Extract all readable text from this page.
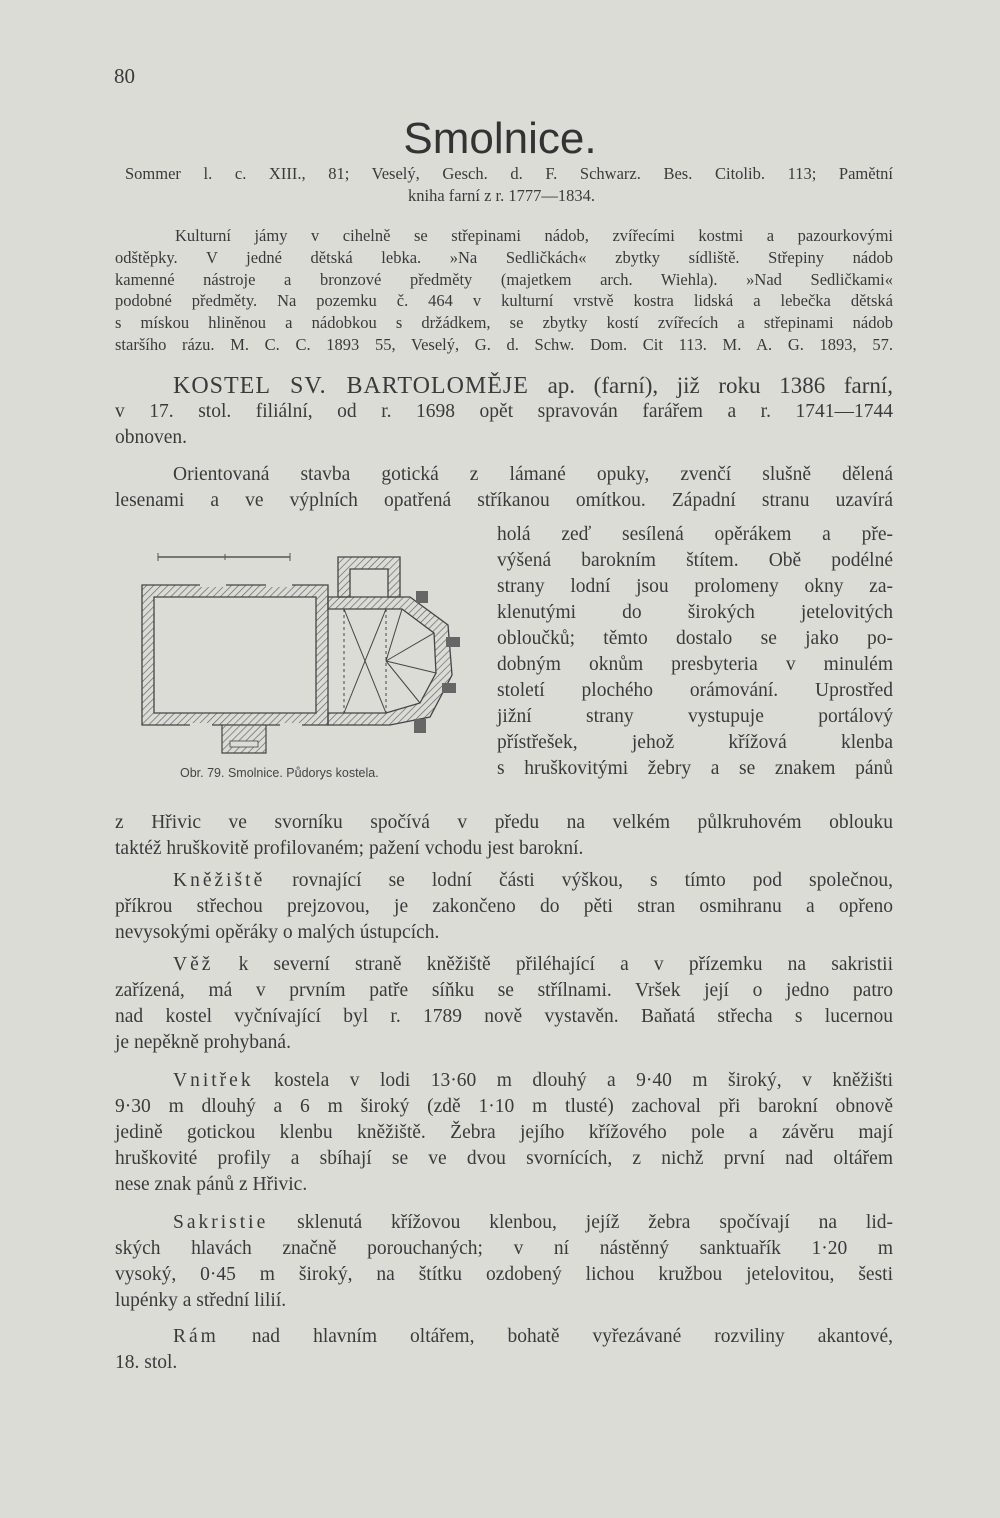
80
Smolnice.
Sommer l. c. XIII., 81; Veselý, Gesch. d. F. Schwarz. Bes. Citolib. 113; Pamětní
kniha farní z r. 1777—1834.
Kulturní jámy v cihelně se střepinami nádob, zvířecími kostmi a pazourkovými
odštěpky. V jedné dětská lebka. »Na Sedličkách« zbytky sídliště. Střepiny nádob
kamenné nástroje a bronzové předměty (majetkem arch. Wiehla). »Nad Sedličkami«
podobné předměty. Na pozemku č. 464 v kulturní vrstvě kostra lidská a lebečka dětská
s mískou hliněnou a nádobkou s držádkem, se zbytky kostí zvířecích a střepinami nádob
staršího rázu. M. C. C. 1893 55, Veselý, G. d. Schw. Dom. Cit 113. M. A. G. 1893, 57.
KOSTEL SV. BARTOLOMĚJE ap. (farní), již roku 1386 farní,
v 17. stol. filiální, od r. 1698 opět spravován farářem a r. 1741—1744
obnoven.
Orientovaná stavba gotická z lámané opuky, zvenčí slušně dělená
lesenami a ve výplních opatřená stříkanou omítkou. Západní stranu uzavírá
Obr. 79. Smolnice. Půdorys kostela.
holá zeď sesílená opěrákem a pře-
výšená barokním štítem. Obě podélné
strany lodní jsou prolomeny okny za-
klenutými do širokých jetelovitých
obloučků; těmto dostalo se jako po-
dobným oknům presbyteria v minulém
století plochého orámování. Uprostřed
jižní strany vystupuje portálový
přístřešek, jehož křížová klenba
s hruškovitými žebry a se znakem pánů
z Hřivic ve svorníku spočívá v předu na velkém půlkruhovém oblouku
taktéž hruškovitě profilovaném; pažení vchodu jest barokní.
Kněžiště rovnající se lodní části výškou, s tímto pod společnou,
příkrou střechou prejzovou, je zakončeno do pěti stran osmihranu a opřeno
nevysokými opěráky o malých ústupcích.
Věž k severní straně kněžiště přiléhající a v přízemku na sakristii
zařízená, má v prvním patře síňku se střílnami. Vršek její o jedno patro
nad kostel vyčnívající byl r. 1789 nově vystavěn. Baňatá střecha s lucernou
je nepěkně prohybaná.
Vnitřek kostela v lodi 13·60 m dlouhý a 9·40 m široký, v kněžišti
9·30 m dlouhý a 6 m široký (zdě 1·10 m tlusté) zachoval při barokní obnově
jedině gotickou klenbu kněžiště. Žebra jejího křížového pole a závěru mají
hruškovité profily a sbíhají se ve dvou svornících, z nichž první nad oltářem
nese znak pánů z Hřivic.
Sakristie sklenutá křížovou klenbou, jejíž žebra spočívají na lid-
ských hlavách značně porouchaných; v ní nástěnný sanktuařík 1·20 m
vysoký, 0·45 m široký, na štítku ozdobený lichou kružbou jetelovitou, šesti
lupénky a střední lilií.
Rám nad hlavním oltářem, bohatě vyřezávané rozviliny akantové,
18. stol.
